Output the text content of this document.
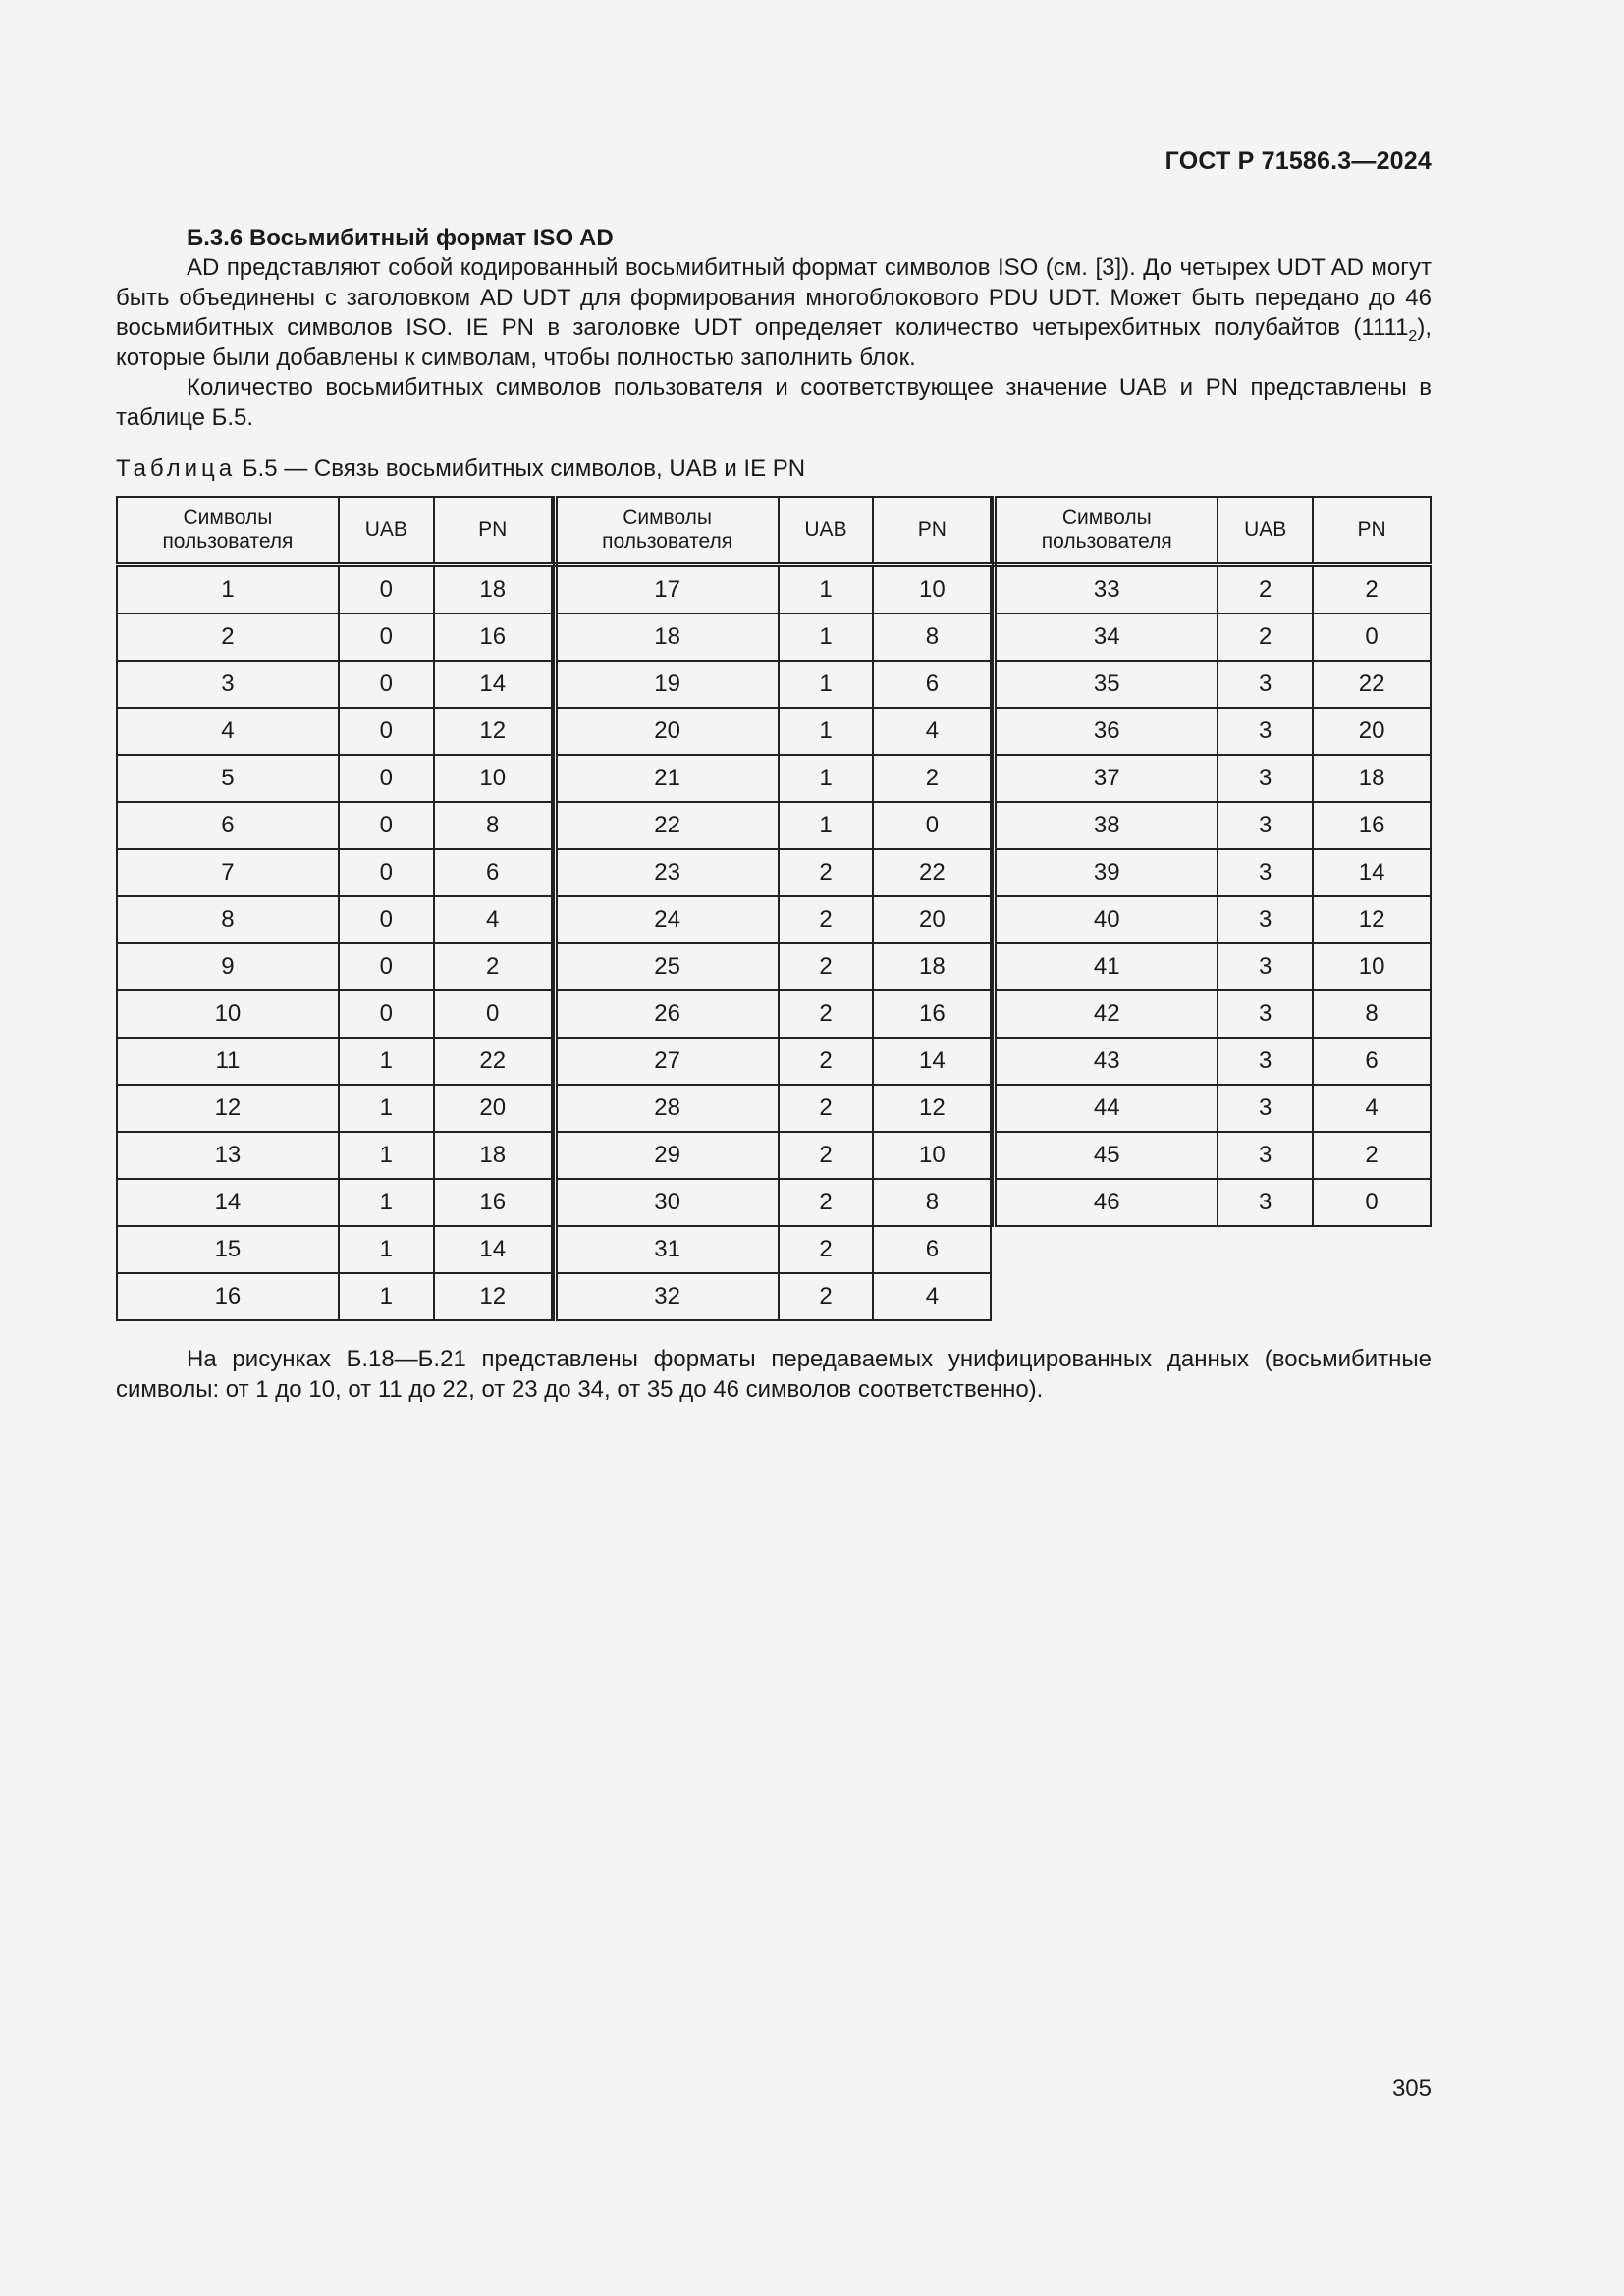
ГОСТ Р 71586.3—2024
Б.3.6 Восьмибитный формат ISO AD

AD представляют собой кодированный восьмибитный формат символов ISO (см. [3]). До четырех UDT AD могут быть объединены с заголовком AD UDT для формирования многоблокового PDU UDT. Может быть передано до 46 восьмибитных символов ISO. IE PN в заголовке UDT определяет количество четырехбитных полубайтов $(1111_2)$, которые были добавлены к символам, чтобы полностью заполнить блок.

Количество восьмибитных символов пользователя и соответствующее значение UAB и PN представлены в таблице Б.5.

Таблица Б.5 — Связь восьмибитных символов, UAB и IE PN
Символы пользователя	UAB	PN
1	0	18
2	0	16
3	0	14
4	0	12
5	0	10
6	0	8
7	0	6
8	0	4
9	0	2
10	0	0
11	1	22
12	1	20
13	1	18
14	1	16
15	1	14
16	1	12
Символы пользователя	UAB	PN
17	1	10
18	1	8
19	1	6
20	1	4
21	1	2
22	1	0
23	2	22
24	2	20
25	2	18
26	2	16
27	2	14
28	2	12
29	2	10
30	2	8
31	2	6
32	2	4
Символы пользователя	UAB	PN
33	2	2
34	2	0
35	3	22
36	3	20
37	3	18
38	3	16
39	3	14
40	3	12
41	3	10
42	3	8
43	3	6
44	3	4
45	3	2
46	3	0

На рисунках Б.18—Б.21 представлены форматы передаваемых унифицированных данных (восьмибитные символы: от 1 до 10, от 11 до 22, от 23 до 34, от 35 до 46 символов соответственно).

305
